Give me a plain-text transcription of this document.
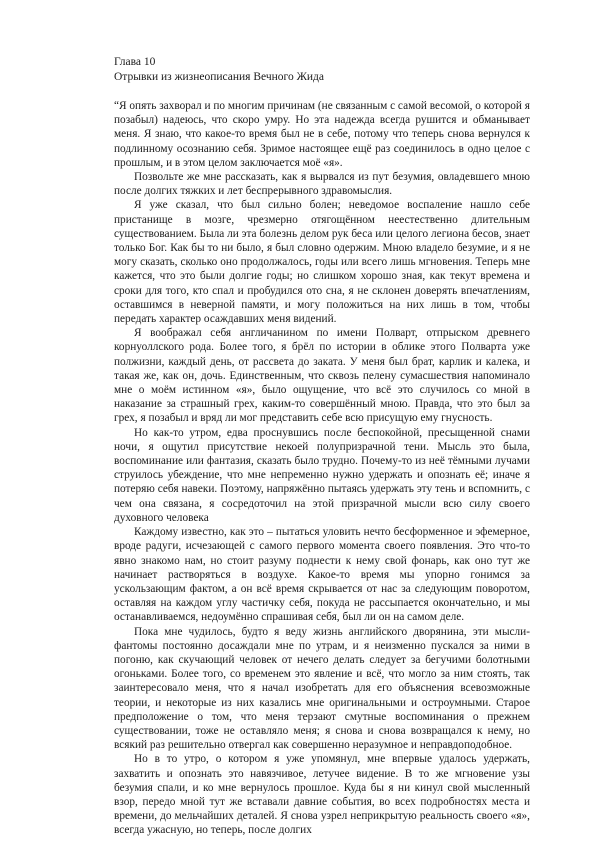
Глава 10
Отрывки из жизнеописания Вечного Жида

“Я опять захворал и по многим причинам (не связанным с самой весомой, о которой я позабыл) надеюсь, что скоро умру. Но эта надежда всегда рушится и обманывает меня. Я знаю, что какое-то время был не в себе, потому что теперь снова вернулся к подлинному осознанию себя. Зримое настоящее ещё раз соединилось в одно целое с прошлым, и в этом целом заключается моё «я».

Позвольте же мне рассказать, как я вырвался из пут безумия, овладевшего мною после долгих тяжких и лет беспрерывного здравомыслия.

Я уже сказал, что был сильно болен; неведомое воспаление нашло себе пристанище в мозге, чрезмерно отягощённом неестественно длительным существованием. Была ли эта болезнь делом рук беса или целого легиона бесов, знает только Бог. Как бы то ни было, я был словно одержим. Мною владело безумие, и я не могу сказать, сколько оно продолжалось, годы или всего лишь мгновения. Теперь мне кажется, что это были долгие годы; но слишком хорошо зная, как текут времена и сроки для того, кто спал и пробудился ото сна, я не склонен доверять впечатлениям, оставшимся в неверной памяти, и могу положиться на них лишь в том, чтобы передать характер осаждавших меня видений.

Я воображал себя англичанином по имени Полварт, отпрыском древнего корнуоллского рода. Более того, я брёл по истории в облике этого Полварта уже полжизни, каждый день, от рассвета до заката. У меня был брат, карлик и калека, и такая же, как он, дочь. Единственным, что сквозь пелену сумасшествия напоминало мне о моём истинном «я», было ощущение, что всё это случилось со мной в наказание за страшный грех, каким-то совершённый мною. Правда, что это был за грех, я позабыл и вряд ли мог представить себе всю присущую ему гнусность.

Но как-то утром, едва проснувшись после беспокойной, пресыщенной снами ночи, я ощутил присутствие некоей полупризрачной тени. Мысль это была, воспоминание или фантазия, сказать было трудно. Почему-то из неё тёмными лучами струилось убеждение, что мне непременно нужно удержать и опознать её; иначе я потеряю себя навеки. Поэтому, напряжённо пытаясь удержать эту тень и вспомнить, с чем она связана, я сосредоточил на этой призрачной мысли всю силу своего духовного человека

Каждому известно, как это – пытаться уловить нечто бесформенное и эфемерное, вроде радуги, исчезающей с самого первого момента своего появления. Это что-то явно знакомо нам, но стоит разуму поднести к нему свой фонарь, как оно тут же начинает растворяться в воздухе. Какое-то время мы упорно гонимся за ускользающим фактом, а он всё время скрывается от нас за следующим поворотом, оставляя на каждом углу частичку себя, покуда не рассыпается окончательно, и мы останавливаемся, недоумённо спрашивая себя, был ли он на самом деле.

Пока мне чудилось, будто я веду жизнь английского дворянина, эти мысли-фантомы постоянно досаждали мне по утрам, и я неизменно пускался за ними в погоню, как скучающий человек от нечего делать следует за бегучими болотными огоньками. Более того, со временем это явление и всё, что могло за ним стоять, так заинтересовало меня, что я начал изобретать для его объяснения всевозможные теории, и некоторые из них казались мне оригинальными и остроумными. Старое предположение о том, что меня терзают смутные воспоминания о прежнем существовании, тоже не оставляло меня; я снова и снова возвращался к нему, но всякий раз решительно отвергал как совершенно неразумное и неправдоподобное.

Но в то утро, о котором я уже упомянул, мне впервые удалось удержать, захватить и опознать это навязчивое, летучее видение. В то же мгновение узы безумия спали, и ко мне вернулось прошлое. Куда бы я ни кинул свой мысленный взор, передо мной тут же вставали давние события, во всех подробностях места и времени, до мельчайших деталей. Я снова узрел неприкрытую реальность своего «я», всегда ужасную, но теперь, после долгих
